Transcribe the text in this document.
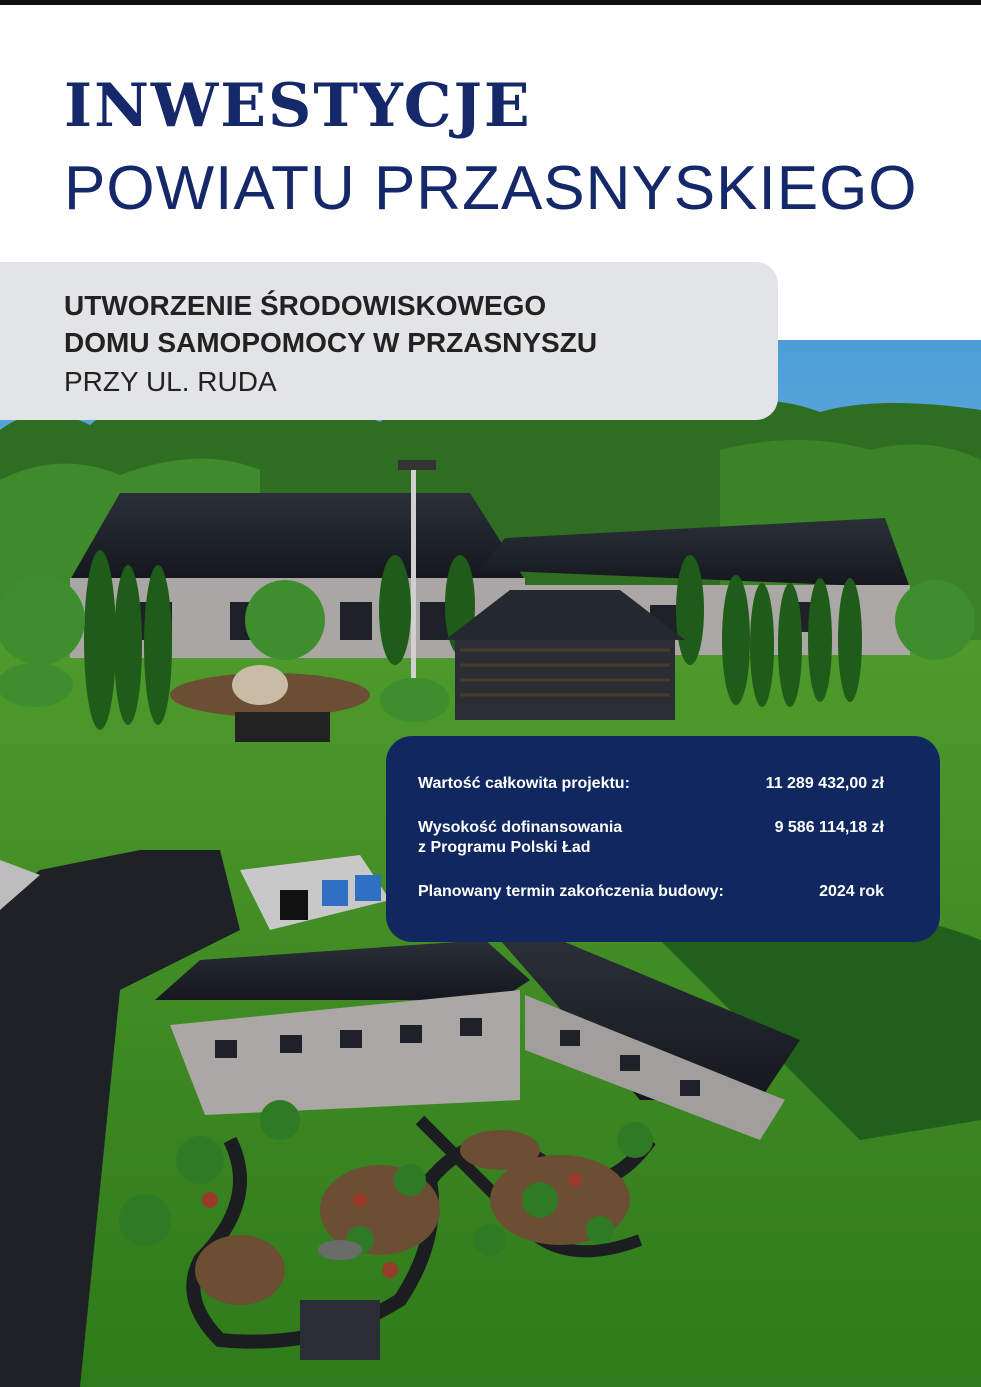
INWESTYCJE
POWIATU PRZASNYSKIEGO
UTWORZENIE ŚRODOWISKOWEGO
DOMU SAMOPOMOCY W PRZASNYSZU
PRZY UL. RUDA
Wartość całkowita projektu:	11 289 432,00 zł
Wysokość dofinansowania
z Programu Polski Ład
9 586 114,18 zł
Planowany termin zakończenia budowy:	2024 rok
